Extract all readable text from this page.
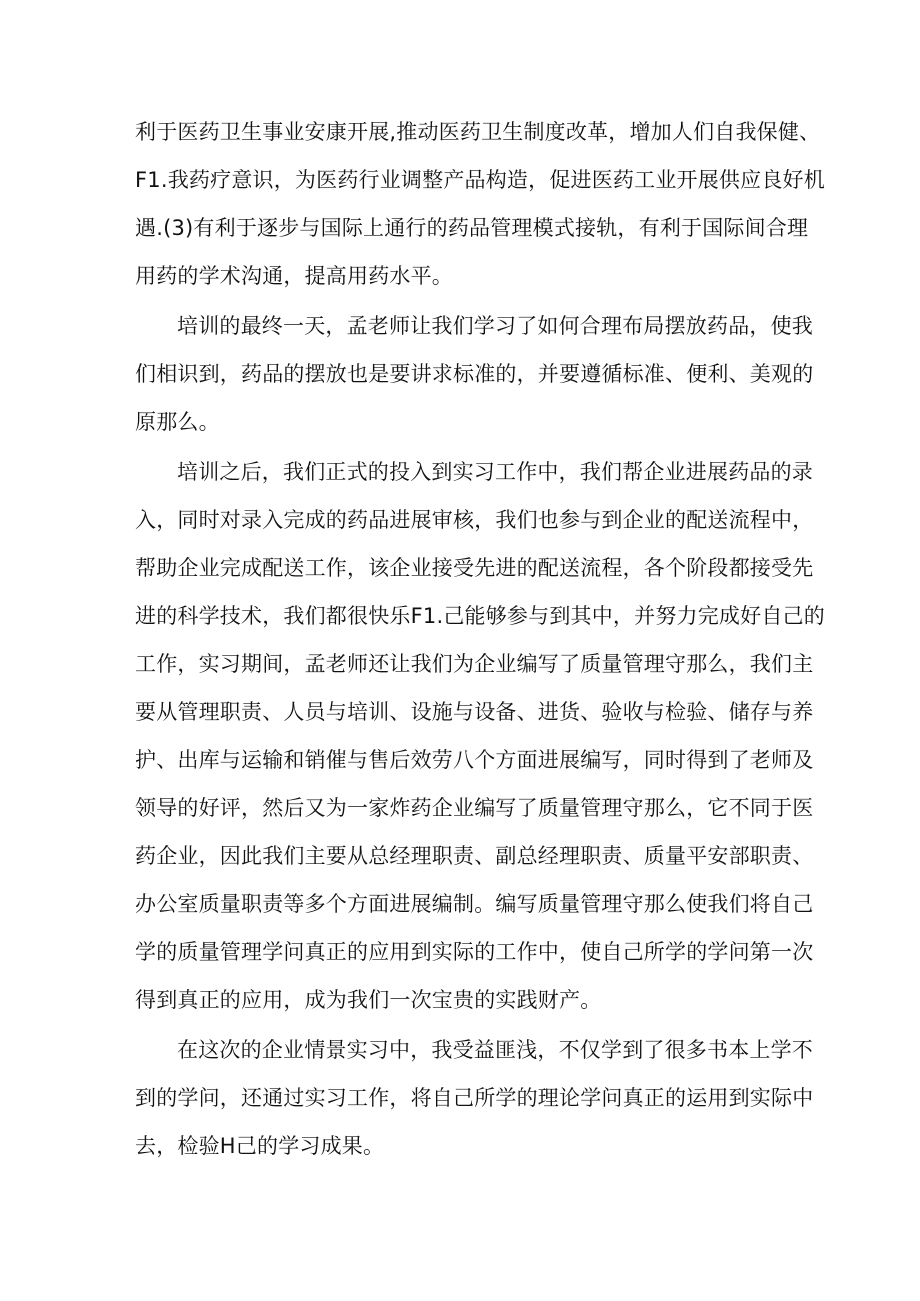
利于医药卫生事业安康开展,推动医药卫生制度改革，增加人们自我保健、

F1.我药疗意识，为医药行业调整产品构造，促进医药工业开展供应良好机

遇.(3)有利于逐步与国际上通行的药品管理模式接轨，有利于国际间合理

用药的学术沟通，提高用药水平。

培训的最终一天，孟老师让我们学习了如何合理布局摆放药品，使我

们相识到，药品的摆放也是要讲求标准的，并要遵循标准、便利、美观的

原那么。

培训之后，我们正式的投入到实习工作中，我们帮企业进展药品的录

入，同时对录入完成的药品进展审核，我们也参与到企业的配送流程中，

帮助企业完成配送工作，该企业接受先进的配送流程，各个阶段都接受先

进的科学技术，我们都很快乐F1.己能够参与到其中，并努力完成好自己的

工作，实习期间，孟老师还让我们为企业编写了质量管理守那么，我们主

要从管理职责、人员与培训、设施与设备、进货、验收与检验、储存与养

护、出库与运输和销催与售后效劳八个方面进展编写，同时得到了老师及

领导的好评，然后又为一家炸药企业编写了质量管理守那么，它不同于医

药企业，因此我们主要从总经理职责、副总经理职责、质量平安部职责、

办公室质量职责等多个方面进展编制。编写质量管理守那么使我们将自己

学的质量管理学问真正的应用到实际的工作中，使自己所学的学问第一次

得到真正的应用，成为我们一次宝贵的实践财产。

在这次的企业情景实习中，我受益匪浅，不仅学到了很多书本上学不

到的学问，还通过实习工作，将自己所学的理论学问真正的运用到实际中

去，检验H己的学习成果。
